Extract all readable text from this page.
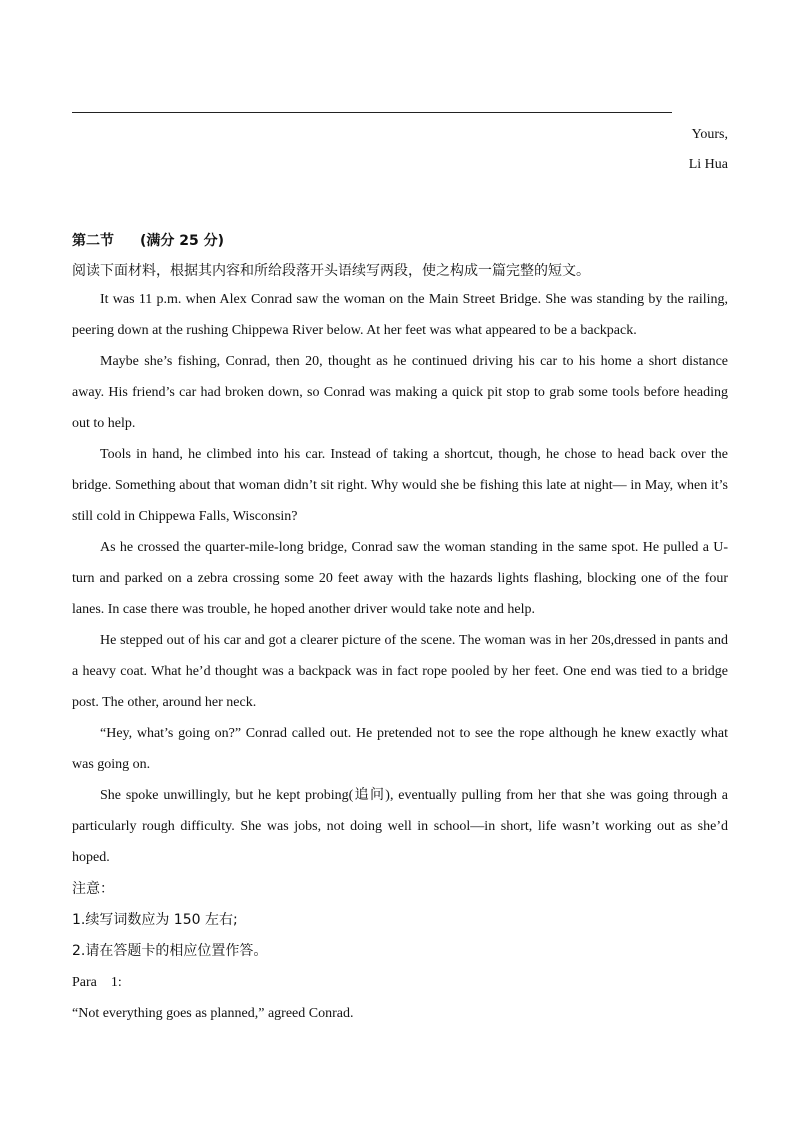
Yours,
Li Hua
第二节 (满分 25 分)
阅读下面材料，根据其内容和所给段落开头语续写两段，使之构成一篇完整的短文。

It was 11 p.m. when Alex Conrad saw the woman on the Main Street Bridge. She was standing by the railing, peering down at the rushing Chippewa River below. At her feet was what appeared to be a backpack.

Maybe she’s fishing, Conrad, then 20, thought as he continued driving his car to his home a short distance away. His friend’s car had broken down, so Conrad was making a quick pit stop to grab some tools before heading out to help.

Tools in hand, he climbed into his car. Instead of taking a shortcut, though, he chose to head back over the bridge. Something about that woman didn’t sit right. Why would she be fishing this late at night— in May, when it’s still cold in Chippewa Falls, Wisconsin?

As he crossed the quarter-mile-long bridge, Conrad saw the woman standing in the same spot. He pulled a U-turn and parked on a zebra crossing some 20 feet away with the hazards lights flashing, blocking one of the four lanes. In case there was trouble, he hoped another driver would take note and help.

He stepped out of his car and got a clearer picture of the scene. The woman was in her 20s,dressed in pants and a heavy coat. What he’d thought was a backpack was in fact rope pooled by her feet. One end was tied to a bridge post. The other, around her neck.

“Hey, what’s going on?” Conrad called out. He pretended not to see the rope although he knew exactly what was going on.

She spoke unwillingly, but he kept probing(追问), eventually pulling from her that she was going through a particularly rough difficulty. She was jobs, not doing well in school—in short, life wasn’t working out as she’d hoped.

注意：
1.续写词数应为 150 左右;
2.请在答题卡的相应位置作答。
Para　1:
“Not everything goes as planned,” agreed Conrad.
